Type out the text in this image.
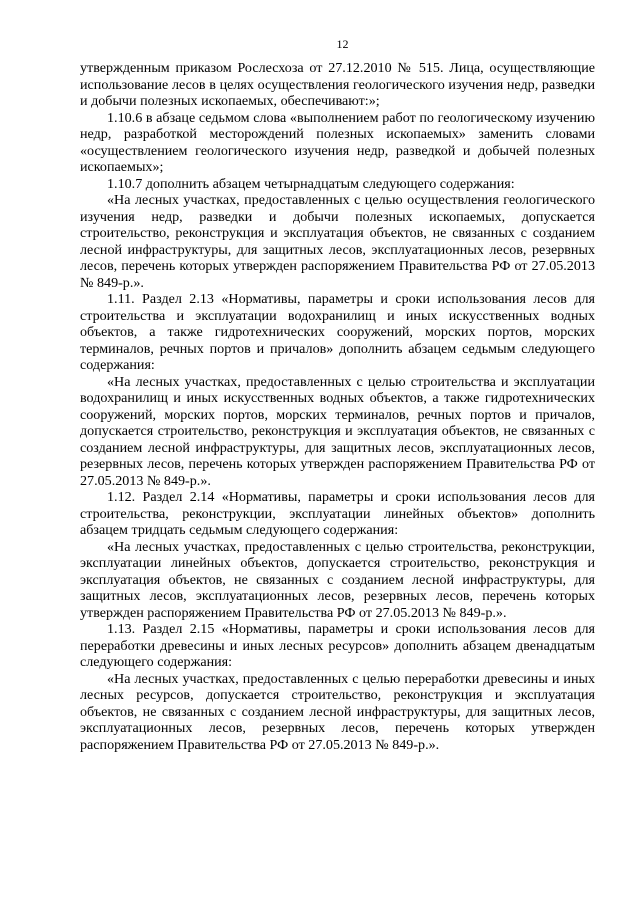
12

утвержденным приказом Рослесхоза от 27.12.2010 № 515. Лица, осуществляющие использование лесов в целях осуществления геологического изучения недр, разведки и добычи полезных ископаемых, обеспечивают:»;

1.10.6 в абзаце седьмом слова «выполнением работ по геологическому изучению недр, разработкой месторождений полезных ископаемых» заменить словами «осуществлением геологического изучения недр, разведкой и добычей полезных ископаемых»;

1.10.7 дополнить абзацем четырнадцатым следующего содержания:

«На лесных участках, предоставленных с целью осуществления геологического изучения недр, разведки и добычи полезных ископаемых, допускается строительство, реконструкция и эксплуатация объектов, не связанных с созданием лесной инфраструктуры, для защитных лесов, эксплуатационных лесов, резервных лесов, перечень которых утвержден распоряжением Правительства РФ от 27.05.2013 № 849-р.».

1.11. Раздел 2.13 «Нормативы, параметры и сроки использования лесов для строительства и эксплуатации водохранилищ и иных искусственных водных объектов, а также гидротехнических сооружений, морских портов, морских терминалов, речных портов и причалов» дополнить абзацем седьмым следующего содержания:

«На лесных участках, предоставленных с целью строительства и эксплуатации водохранилищ и иных искусственных водных объектов, а также гидротехнических сооружений, морских портов, морских терминалов, речных портов и причалов, допускается строительство, реконструкция и эксплуатация объектов, не связанных с созданием лесной инфраструктуры, для защитных лесов, эксплуатационных лесов, резервных лесов, перечень которых утвержден распоряжением Правительства РФ от 27.05.2013 № 849-р.».

1.12. Раздел 2.14 «Нормативы, параметры и сроки использования лесов для строительства, реконструкции, эксплуатации линейных объектов» дополнить абзацем тридцать седьмым следующего содержания:

«На лесных участках, предоставленных с целью строительства, реконструкции, эксплуатации линейных объектов, допускается строительство, реконструкция и эксплуатация объектов, не связанных с созданием лесной инфраструктуры, для защитных лесов, эксплуатационных лесов, резервных лесов, перечень которых утвержден распоряжением Правительства РФ от 27.05.2013 № 849-р.».

1.13. Раздел 2.15 «Нормативы, параметры и сроки использования лесов для переработки древесины и иных лесных ресурсов» дополнить абзацем двенадцатым следующего содержания:

«На лесных участках, предоставленных с целью переработки древесины и иных лесных ресурсов, допускается строительство, реконструкция и эксплуатация объектов, не связанных с созданием лесной инфраструктуры, для защитных лесов, эксплуатационных лесов, резервных лесов, перечень которых утвержден распоряжением Правительства РФ от 27.05.2013 № 849-р.».
